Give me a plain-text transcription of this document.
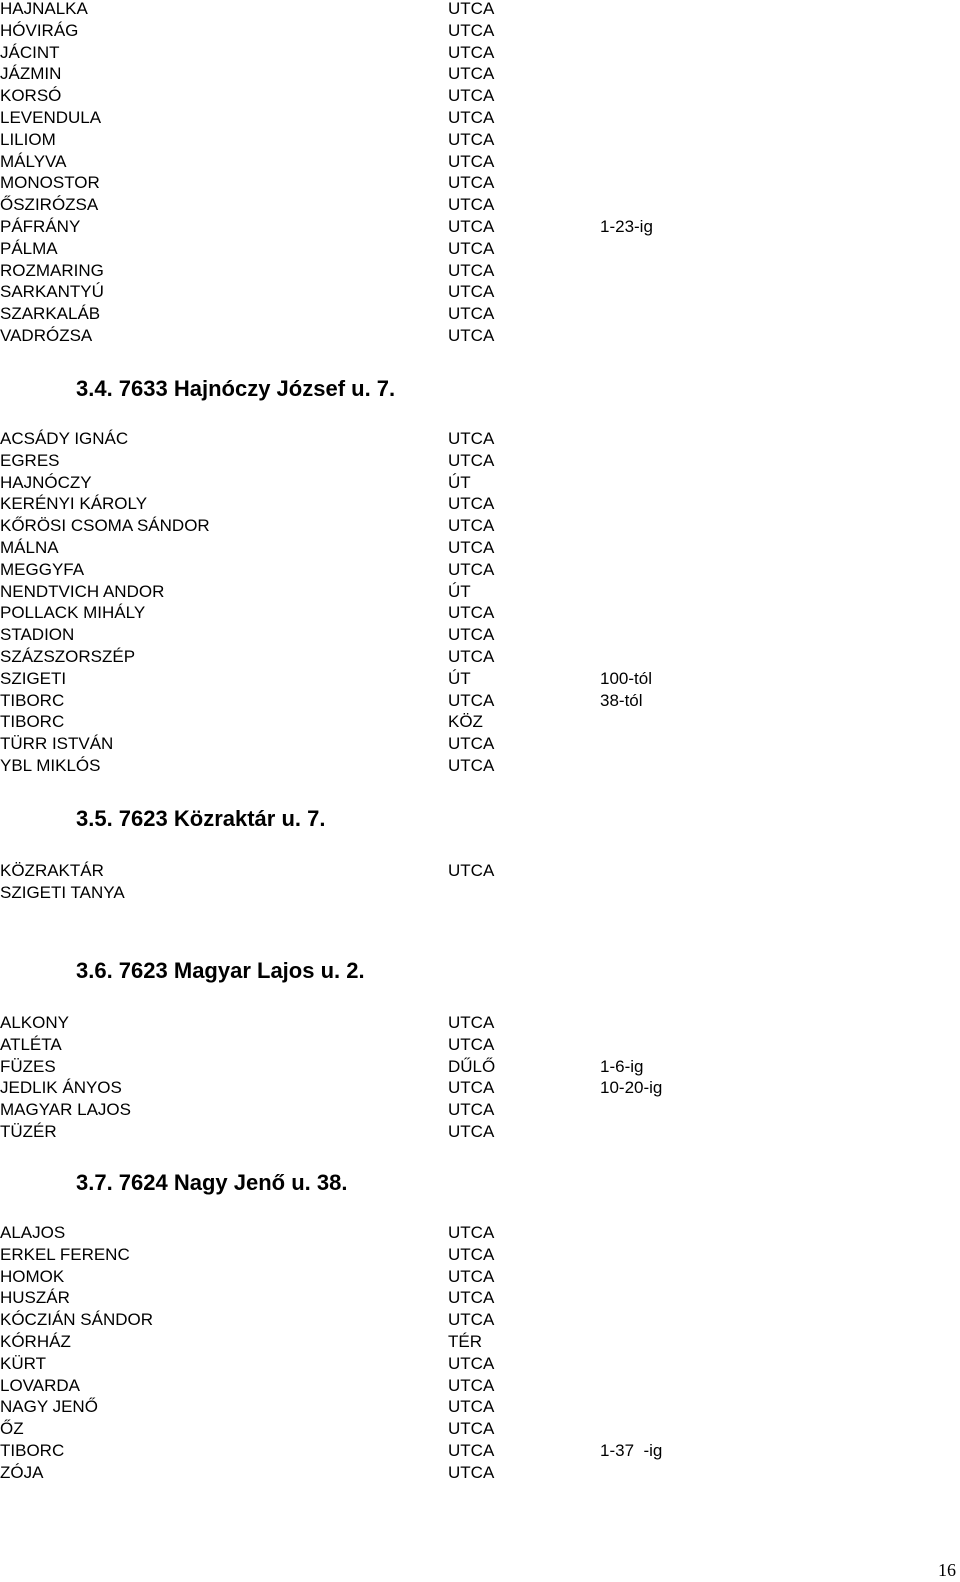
HAJNALKA	UTCA
HÓVIRÁG	UTCA
JÁCINT	UTCA
JÁZMIN	UTCA
KORSÓ	UTCA
LEVENDULA	UTCA
LILIOM	UTCA
MÁLYVA	UTCA
MONOSTOR	UTCA
ŐSZIRÓZSA	UTCA
PÁFRÁNY	UTCA	1-23-ig
PÁLMA	UTCA
ROZMARING	UTCA
SARKANTYÚ	UTCA
SZARKALÁB	UTCA
VADRÓZSA	UTCA
3.4. 7633 Hajnóczy József u. 7.
ACSÁDY IGNÁC	UTCA
EGRES	UTCA
HAJNÓCZY	ÚT
KERÉNYI KÁROLY	UTCA
KŐRÖSI CSOMA SÁNDOR	UTCA
MÁLNA	UTCA
MEGGYFA	UTCA
NENDTVICH ANDOR	ÚT
POLLACK MIHÁLY	UTCA
STADION	UTCA
SZÁZSZORSZÉP	UTCA
SZIGETI	ÚT	100-tól
TIBORC	UTCA	38-tól
TIBORC	KÖZ
TÜRR ISTVÁN	UTCA
YBL MIKLÓS	UTCA
3.5. 7623 Közraktár u. 7.
KÖZRAKTÁR	UTCA
SZIGETI TANYA
3.6. 7623 Magyar Lajos u. 2.
ALKONY	UTCA
ATLÉTA	UTCA
FÜZES	DŰLŐ	1-6-ig
JEDLIK ÁNYOS	UTCA	10-20-ig
MAGYAR LAJOS	UTCA
TÜZÉR	UTCA
3.7. 7624 Nagy Jenő u. 38.
ALAJOS	UTCA
ERKEL FERENC	UTCA
HOMOK	UTCA
HUSZÁR	UTCA
KÓCZIÁN SÁNDOR	UTCA
KÓRHÁZ	TÉR
KÜRT	UTCA
LOVARDA	UTCA
NAGY JENŐ	UTCA
ŐZ	UTCA
TIBORC	UTCA	1-37  -ig
ZÓJA	UTCA
16
